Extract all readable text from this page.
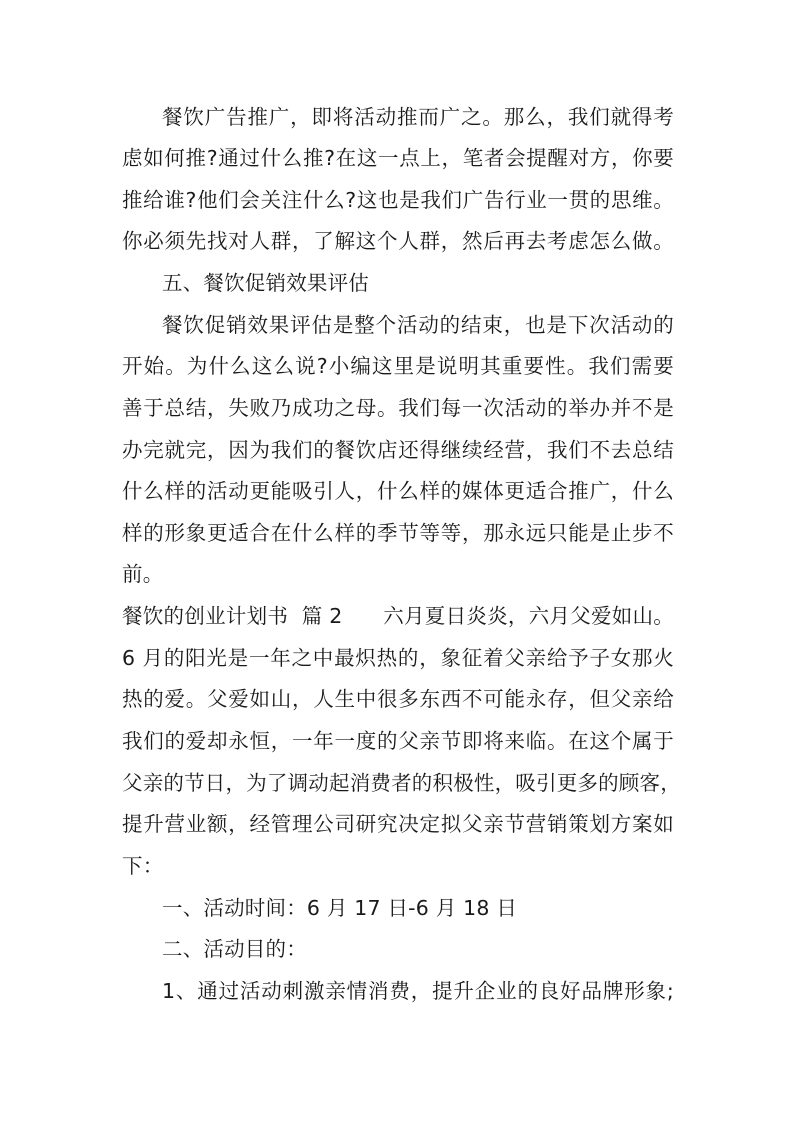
餐饮广告推广，即将活动推而广之。那么，我们就得考
虑如何推?通过什么推?在这一点上，笔者会提醒对方，你要
推给谁?他们会关注什么?这也是我们广告行业一贯的思维。
你必须先找对人群，了解这个人群，然后再去考虑怎么做。
五、餐饮促销效果评估
餐饮促销效果评估是整个活动的结束，也是下次活动的
开始。为什么这么说?小编这里是说明其重要性。我们需要
善于总结，失败乃成功之母。我们每一次活动的举办并不是
办完就完，因为我们的餐饮店还得继续经营，我们不去总结
什么样的活动更能吸引人，什么样的媒体更适合推广，什么
样的形象更适合在什么样的季节等等，那永远只能是止步不
前。
餐饮的创业计划书  篇 2      六月夏日炎炎，六月父爱如山。
6 月的阳光是一年之中最炽热的，象征着父亲给予子女那火
热的爱。父爱如山，人生中很多东西不可能永存，但父亲给
我们的爱却永恒，一年一度的父亲节即将来临。在这个属于
父亲的节日，为了调动起消费者的积极性，吸引更多的顾客，
提升营业额，经管理公司研究决定拟父亲节营销策划方案如
下：
一、活动时间：6 月 17 日-6 月 18 日
二、活动目的：
1、通过活动刺激亲情消费，提升企业的良好品牌形象;
